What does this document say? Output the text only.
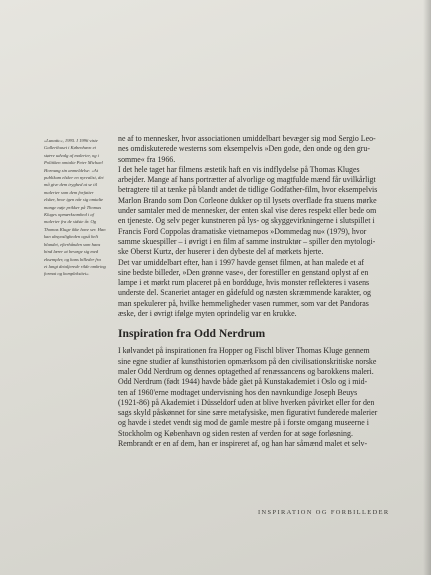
»Lunatic«, 1995. I 1996 viste
Gallerihuset i København et
større udvalg af malerier, og i
Politiken omtalte Peter Michael
Hornung sin anmeldelse: »At
publikum elsker en nyrealist, det
må give dem tryghed at se til
malerier som dem forfatter
elsker, hvor igen når sig omtalte
mange nøje prikker på Thomas
Kluges opmærksomhed i af
malerier fra de sidste år. Og
Thomas Kluge ikke have ser. Han
kan ubsynsligheden også helt
blandet, efterhånden som hans
bind lærer at bevæge sig med
eksempler, og hans billeder fra
et langt detaljerede rilde omkring
format og kompleksitet«.
ne af to mennesker, hvor associationen umiddelbart bevæger sig mod Sergio Leo-
nes omdiskuterede westerns som eksempelvis »Den gode, den onde og den gru-
somme« fra 1966.
I det hele taget har filmens æstetik haft en vis indflydelse på Thomas Kluges
arbejder. Mange af hans portrætter af alvorlige og magtfulde mænd får uvilkårligt
betragtere til at tænke på blandt andet de tidlige Godfather-film, hvor eksempelvis
Marlon Brando som Don Corleone dukker op til lysets overflade fra stuens mørke
under samtaler med de mennesker, der enten skal vise deres respekt eller bede om
en tjeneste. Og selv peger kunstneren på lys- og skyggevirkningerne i slutspillet i
Francis Ford Coppolas dramatiske vietnamepos »Dommedag nu« (1979), hvor
samme skuespiller – i øvrigt i en film af samme instruktør – spiller den mytologi-
ske Oberst Kurtz, der huserer i den dybeste del af mørkets hjerte.
Det var umiddelbart efter, han i 1997 havde genset filmen, at han malede et af
sine bedste billeder, »Den grønne vase«, der forestiller en genstand oplyst af en
lampe i et mørkt rum placeret på en bordduge, hvis monster reflekteres i vasens
underste del. Scaneriet antager en gådefuld og næsten skræmmende karakter, og
man spekulerer på, hvilke hemmeligheder vasen rummer, som var det Pandoras
æske, der i øvrigt ifølge myten oprindelig var en krukke.
Inspiration fra Odd Nerdrum
I kølvandet på inspirationen fra Hopper og Fischl bliver Thomas Kluge gennem
sine egne studier af kunsthistorien opmærksom på den civilisationskritiske norske
maler Odd Nerdrum og dennes optagethed af renæssancens og barokkens maleri.
Odd Nerdrum (født 1944) havde både gået på Kunstakademiet i Oslo og i mid-
ten af 1960'erne modtaget undervisning hos den navnkundige Joseph Beuys
(1921-86) på Akademiet i Düsseldorf uden at blive hverken påvirket eller for den
sags skyld påskønnet for sine sære metafysiske, men figurativt funderede malerier
og havde i stedet vendt sig mod de gamle mestre på i forste omgang museerne i
Stockholm og København og siden resten af verden for at søge forløsning.
Rembrandt er en af dem, han er inspireret af, og han har såmænd malet et selv-
INSPIRATION OG FORBILLEDER
